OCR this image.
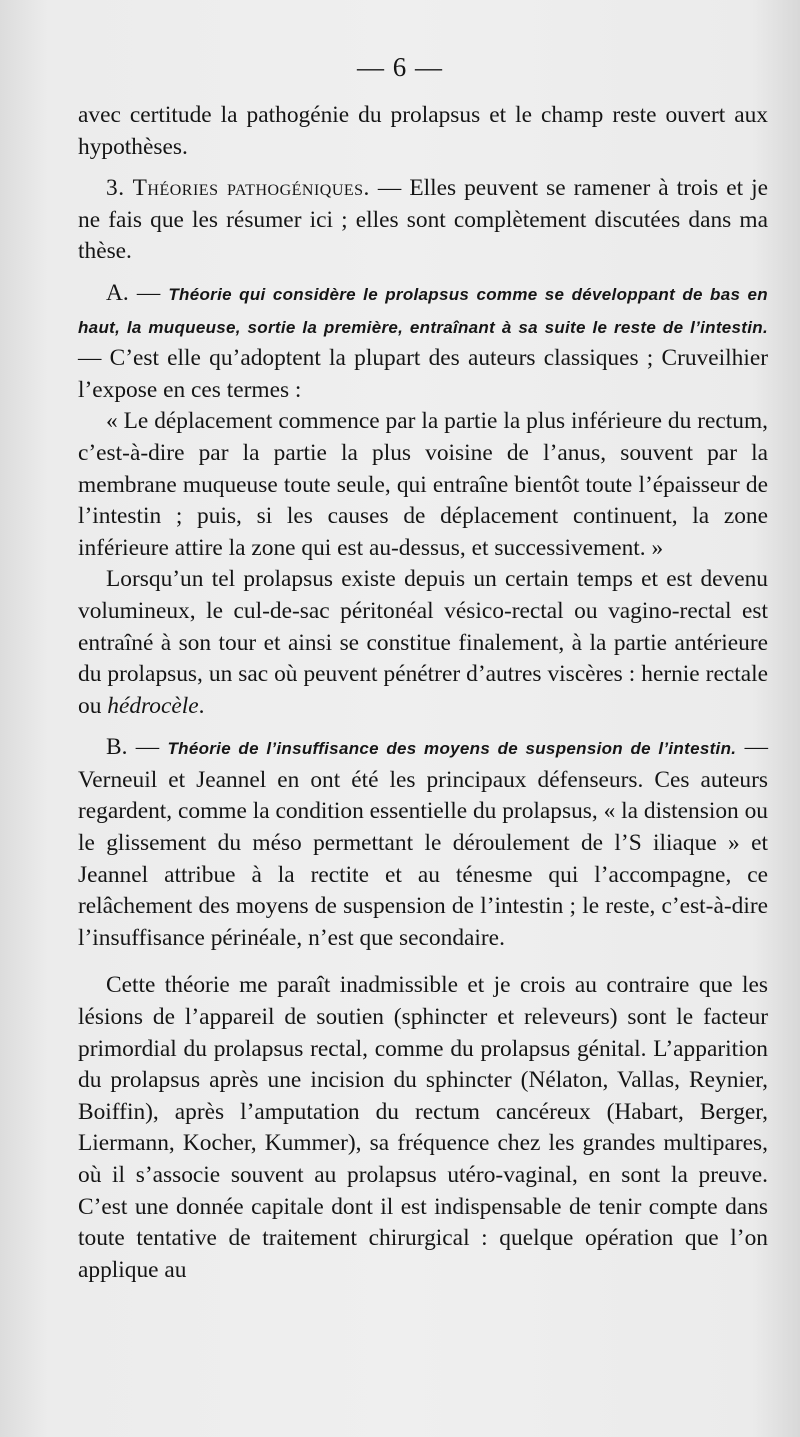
— 6 —

avec certitude la pathogénie du prolapsus et le champ reste ouvert aux hypothèses.

3. Théories pathogéniques. — Elles peuvent se ramener à trois et je ne fais que les résumer ici ; elles sont complètement discutées dans ma thèse.

A. — Théorie qui considère le prolapsus comme se développant de bas en haut, la muqueuse, sortie la première, entraînant à sa suite le reste de l’intestin. — C’est elle qu’adoptent la plupart des auteurs classiques ; Cruveilhier l’expose en ces termes :

« Le déplacement commence par la partie la plus inférieure du rectum, c’est-à-dire par la partie la plus voisine de l’anus, souvent par la membrane muqueuse toute seule, qui entraîne bientôt toute l’épaisseur de l’intestin ; puis, si les causes de déplacement continuent, la zone inférieure attire la zone qui est au-dessus, et successivement. »

Lorsqu’un tel prolapsus existe depuis un certain temps et est devenu volumineux, le cul-de-sac péritonéal vésico-rectal ou vagino-rectal est entraîné à son tour et ainsi se constitue finalement, à la partie antérieure du prolapsus, un sac où peuvent pénétrer d’autres viscères : hernie rectale ou hédrocèle.

B. — Théorie de l’insuffisance des moyens de suspension de l’intestin. — Verneuil et Jeannel en ont été les principaux défenseurs. Ces auteurs regardent, comme la condition essentielle du prolapsus, « la distension ou le glissement du méso permettant le déroulement de l’S iliaque » et Jeannel attribue à la rectite et au ténesme qui l’accompagne, ce relâchement des moyens de suspension de l’intestin ; le reste, c’est-à-dire l’insuffisance périnéale, n’est que secondaire.

Cette théorie me paraît inadmissible et je crois au contraire que les lésions de l’appareil de soutien (sphincter et releveurs) sont le facteur primordial du prolapsus rectal, comme du prolapsus génital. L’apparition du prolapsus après une incision du sphincter (Nélaton, Vallas, Reynier, Boiffin), après l’amputation du rectum cancéreux (Habart, Berger, Liermann, Kocher, Kummer), sa fréquence chez les grandes multipares, où il s’associe souvent au prolapsus utéro-vaginal, en sont la preuve. C’est une donnée capitale dont il est indispensable de tenir compte dans toute tentative de traitement chirurgical : quelque opération que l’on applique au
